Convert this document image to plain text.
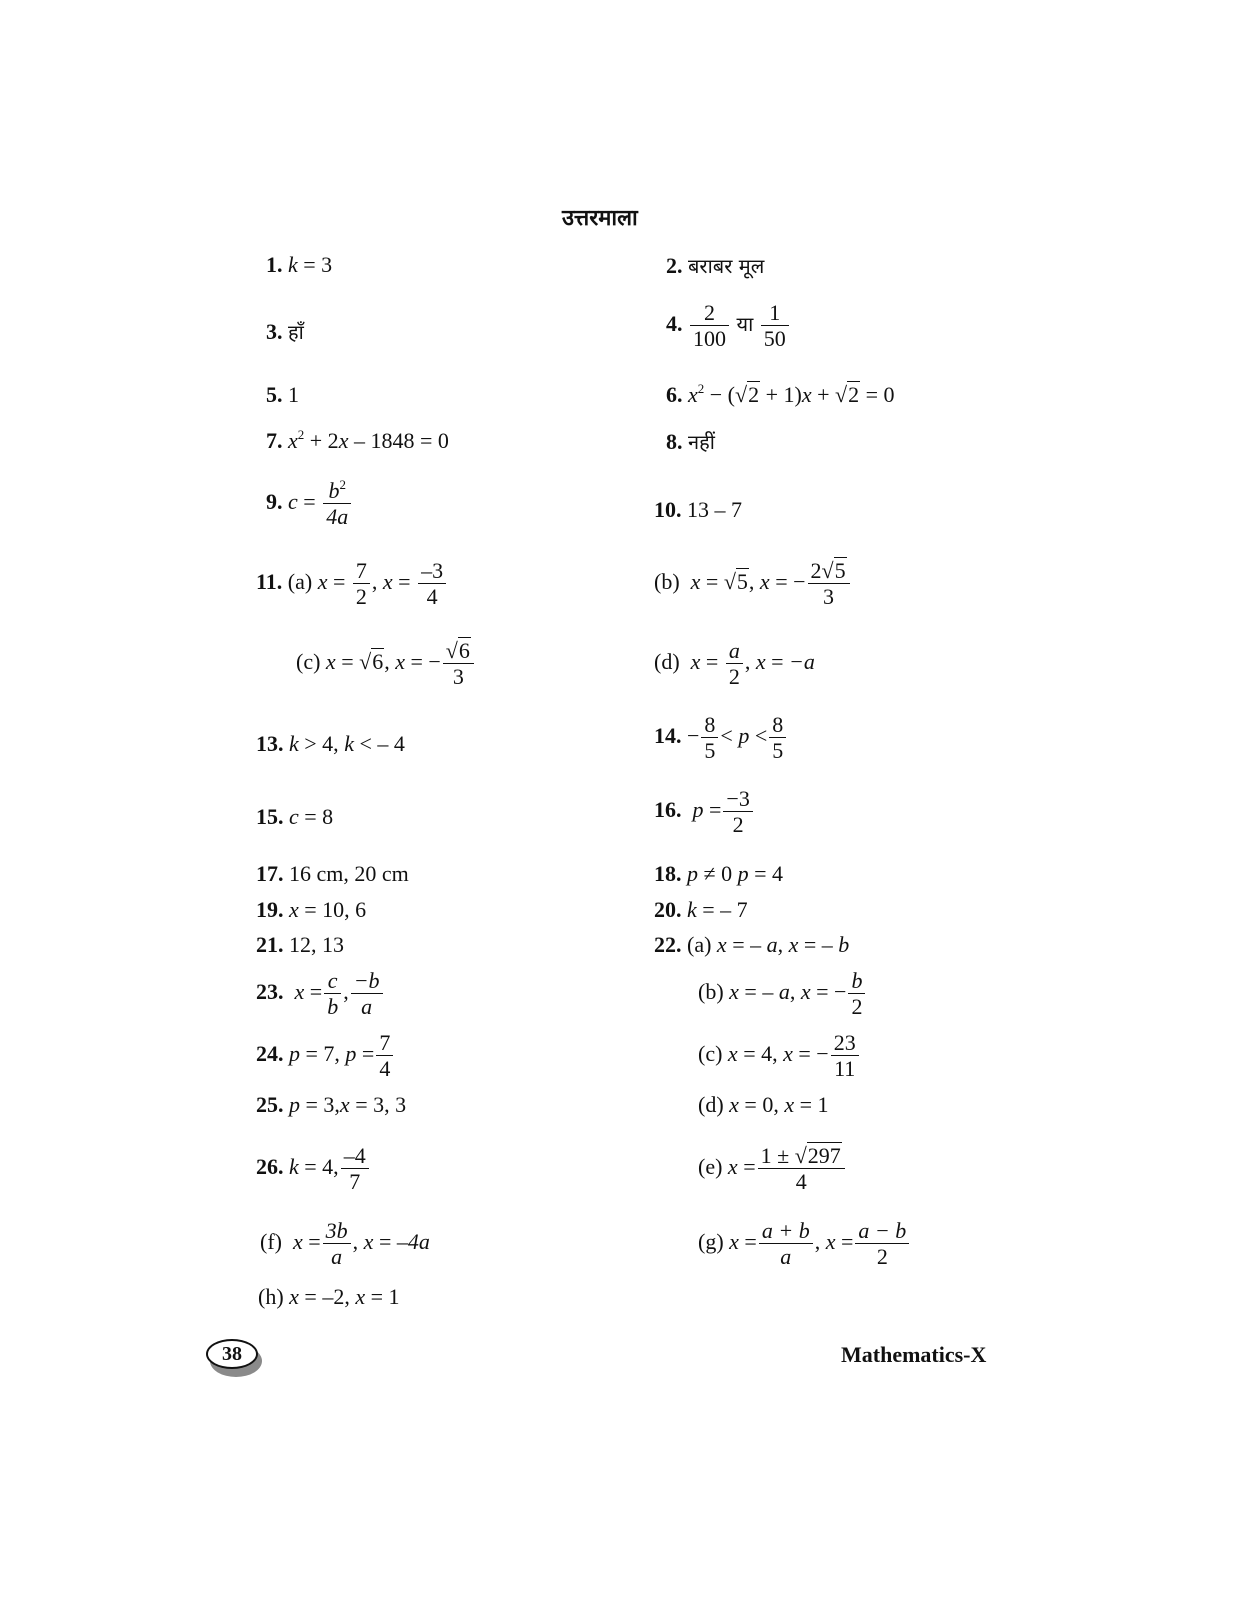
उत्तरमाला
1. k = 3	2. बराबर मूल
3. हाँ	4. $\frac{2}{100}$ या $\frac{1}{50}$
5. 1	6. $x^2 - (√2 + 1)x + √2 = 0$
7. $x^2 + 2x - 1848 = 0$	8. नहीं
9. $c = \frac{b^2}{4a}$	10. 13 – 7
11. (a) $x = \frac{7}{2}$ , $x = \frac{-3}{4}$	(b) x = √5, x = − $\frac{2√5}{3}$
(c) x = √6, x = − $\frac{√6}{3}$	(d) $x = \frac{a}{2}$ , x = −a
13. k > 4, k < – 4	14. − $\frac{8}{5} < p < \frac{8}{5}$
15. c = 8	16. $p = \frac{-3}{2}$
17. 16 cm, 20 cm	18. p ≠ 0 p = 4
19. x = 10, 6	20. k = – 7
21. 12, 13	22. (a) x = – a, x = – b
23. $x = \frac{c}{b}$ , $\frac{-b}{a}$	(b) x = – a, x = − $\frac{b}{2}$
24. p = 7, $p = \frac{7}{4}$	(c) x = 4, x = − $\frac{23}{11}$
25. p = 3,x = 3, 3	(d) x = 0, x = 1
26. k = 4, $\frac{-4}{7}$	(e) $x = \frac{1 \pm √297}{4}$
(f) $x = \frac{3b}{a}$ , x = –4a	(g) $x = \frac{a + b}{a}$ , $x = \frac{a - b}{2}$
(h) x = –2, x = 1
38	Mathematics-X
